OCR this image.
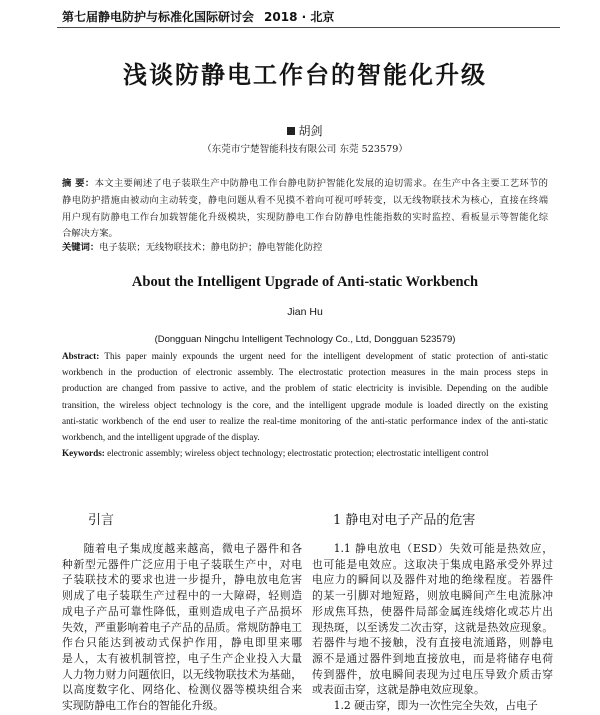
第七届静电防护与标准化国际研讨会 2018 · 北京
浅谈防静电工作台的智能化升级
胡剑
（东莞市宁楚智能科技有限公司 东莞 523579）
摘 要：本文主要阐述了电子装联生产中防静电工作台静电防护智能化发展的迫切需求。在生产中各主要工艺环节的
静电防护措施由被动向主动转变，静电问题从看不见摸不着向可视可呼转变，以无线物联技术为核心，直接在终端
用户现有防静电工作台加载智能化升级模块，实现防静电工作台防静电性能指数的实时监控、看板显示等智能化综
合解决方案。
关键词：电子装联；无线物联技术；静电防护；静电智能化防控
About the Intelligent Upgrade of Anti-static Workbench
Jian Hu
(Dongguan Ningchu Intelligent Technology Co., Ltd, Dongguan 523579)
Abstract: This paper mainly expounds the urgent need for the intelligent development of static protection of anti-static
workbench in the production of electronic assembly. The electrostatic protection measures in the main process steps in
production are changed from passive to active, and the problem of static electricity is invisible. Depending on the audible
transition, the wireless object technology is the core, and the intelligent upgrade module is loaded directly on the existing
anti-static workbench of the end user to realize the real-time monitoring of the anti-static performance index of the anti-static
workbench, and the intelligent upgrade of the display.
Keywords: electronic assembly; wireless object technology; electrostatic protection; electrostatic intelligent control
引言	1 静电对电子产品的危害
随着电子集成度越来越高，微电子器件和各
种新型元器件广泛应用于电子装联生产中，对电
子装联技术的要求也进一步提升，静电放电危害
则成了电子装联生产过程中的一大障碍，轻则造
成电子产品可靠性降低，重则造成电子产品损坏
失效，严重影响着电子产品的品质。常规防静电工
作台只能达到被动式保护作用，静电即里来哪
是人，太有被机制管控，电子生产企业投入大量
人力物力财力问题依旧，以无线物联技术为基础，
以高度数字化、网络化、检测仪器等模块组合来
实现防静电工作台的智能化升级。
1.1 静电放电（ESD）失效可能是热效应，
也可能是电效应。这取决于集成电路承受外界过
电应力的瞬间以及器件对地的绝缘程度。若器件
的某一引脚对地短路，则放电瞬间产生电流脉冲
形成焦耳热，使器件局部金属连线熔化或芯片出
现热斑，以至诱发二次击穿，这就是热效应现象。
若器件与地不接触，没有直接电流通路，则静电
源不是通过器件到地直接放电，而是将储存电荷
传到器件，放电瞬间表现为过电压导致介质击穿
或表面击穿，这就是静电效应现象。
1.2 硬击穿，即为一次性完全失效，占电子
